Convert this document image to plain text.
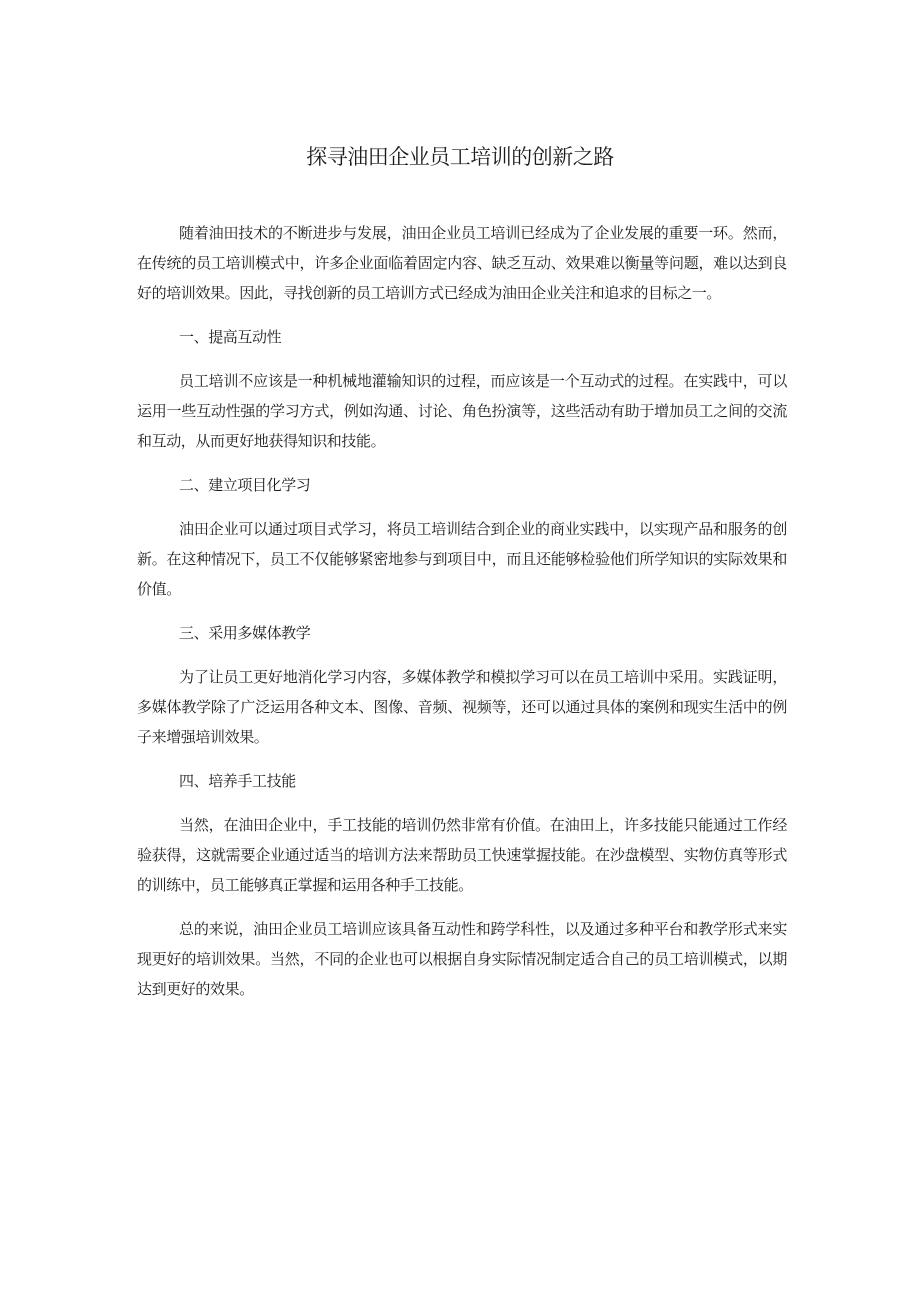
探寻油田企业员工培训的创新之路

随着油田技术的不断进步与发展，油田企业员工培训已经成为了企业发展的重要一环。然而，在传统的员工培训模式中，许多企业面临着固定内容、缺乏互动、效果难以衡量等问题，难以达到良好的培训效果。因此，寻找创新的员工培训方式已经成为油田企业关注和追求的目标之一。

一、提高互动性

员工培训不应该是一种机械地灌输知识的过程，而应该是一个互动式的过程。在实践中，可以运用一些互动性强的学习方式，例如沟通、讨论、角色扮演等，这些活动有助于增加员工之间的交流和互动，从而更好地获得知识和技能。

二、建立项目化学习

油田企业可以通过项目式学习，将员工培训结合到企业的商业实践中，以实现产品和服务的创新。在这种情况下，员工不仅能够紧密地参与到项目中，而且还能够检验他们所学知识的实际效果和价值。

三、采用多媒体教学

为了让员工更好地消化学习内容，多媒体教学和模拟学习可以在员工培训中采用。实践证明，多媒体教学除了广泛运用各种文本、图像、音频、视频等，还可以通过具体的案例和现实生活中的例子来增强培训效果。

四、培养手工技能

当然，在油田企业中，手工技能的培训仍然非常有价值。在油田上，许多技能只能通过工作经验获得，这就需要企业通过适当的培训方法来帮助员工快速掌握技能。在沙盘模型、实物仿真等形式的训练中，员工能够真正掌握和运用各种手工技能。

总的来说，油田企业员工培训应该具备互动性和跨学科性，以及通过多种平台和教学形式来实现更好的培训效果。当然，不同的企业也可以根据自身实际情况制定适合自己的员工培训模式，以期达到更好的效果。
